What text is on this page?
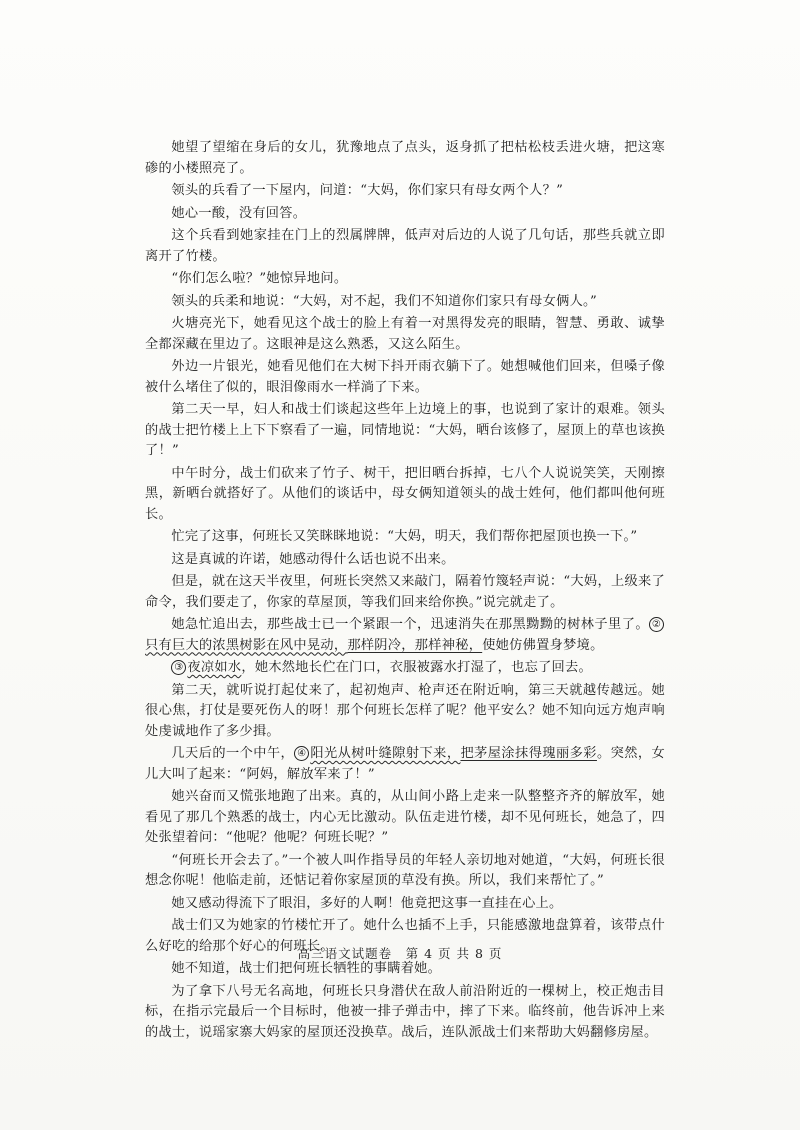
她望了望缩在身后的女儿，犹豫地点了点头，返身抓了把枯松枝丢进火塘，把这寒碜的小楼照亮了。

领头的兵看了一下屋内，问道：“大妈，你们家只有母女两个人？”

她心一酸，没有回答。

这个兵看到她家挂在门上的烈属牌牌，低声对后边的人说了几句话，那些兵就立即离开了竹楼。

“你们怎么啦？”她惊异地问。

领头的兵柔和地说：“大妈，对不起，我们不知道你们家只有母女俩人。”

火塘亮光下，她看见这个战士的脸上有着一对黑得发亮的眼睛，智慧、勇敢、诚挚全都深藏在里边了。这眼神是这么熟悉，又这么陌生。

外边一片银光，她看见他们在大树下抖开雨衣躺下了。她想喊他们回来，但嗓子像被什么堵住了似的，眼泪像雨水一样淌了下来。

第二天一早，妇人和战士们谈起这些年上边境上的事，也说到了家计的艰难。领头的战士把竹楼上上下下察看了一遍，同情地说：“大妈，晒台该修了，屋顶上的草也该换了！”

中午时分，战士们砍来了竹子、树干，把旧晒台拆掉，七八个人说说笑笑，天刚擦黑，新晒台就搭好了。从他们的谈话中，母女俩知道领头的战士姓何，他们都叫他何班长。

忙完了这事，何班长又笑眯眯地说：“大妈，明天，我们帮你把屋顶也换一下。”

这是真诚的许诺，她感动得什么话也说不出来。

但是，就在这天半夜里，何班长突然又来敲门，隔着竹篾轻声说：“大妈，上级来了命令，我们要走了，你家的草屋顶，等我们回来给你换。”说完就走了。

她急忙追出去，那些战士已一个紧跟一个，迅速消失在那黑黝黝的树林子里了。 ②只有巨大的浓黑树影在风中晃动，那样阴冷，那样神秘，使她仿佛置身梦境。

③ 夜凉如水，她木然地长伫在门口，衣服被露水打湿了，也忘了回去。

第二天，就听说打起仗来了，起初炮声、枪声还在附近响，第三天就越传越远。她很心焦，打仗是要死伤人的呀！那个何班长怎样了呢？他平安么？她不知向远方炮声响处虔诚地作了多少揖。

几天后的一个中午， ④ 阳光从树叶缝隙射下来，把茅屋涂抹得瑰丽多彩。突然，女儿大叫了起来：“阿妈，解放军来了！”

她兴奋而又慌张地跑了出来。真的，从山间小路上走来一队整整齐齐的解放军，她看见了那几个熟悉的战士，内心无比激动。队伍走进竹楼，却不见何班长，她急了，四处张望着问：“他呢？他呢？何班长呢？”

“何班长开会去了。”一个被人叫作指导员的年轻人亲切地对她道，“大妈，何班长很想念你呢！他临走前，还惦记着你家屋顶的草没有换。所以，我们来帮忙了。”

她又感动得流下了眼泪，多好的人啊！他竟把这事一直挂在心上。

战士们又为她家的竹楼忙开了。她什么也插不上手，只能感激地盘算着，该带点什么好吃的给那个好心的何班长。

她不知道，战士们把何班长牺牲的事瞒着她。

为了拿下八号无名高地，何班长只身潜伏在敌人前沿附近的一棵树上，校正炮击目标，在指示完最后一个目标时，他被一排子弹击中，摔了下来。临终前，他告诉冲上来的战士，说瑶家寨大妈家的屋顶还没换草。战后，连队派战士们来帮助大妈翻修房屋。

高三语文试题卷　第 4 页 共 8 页
